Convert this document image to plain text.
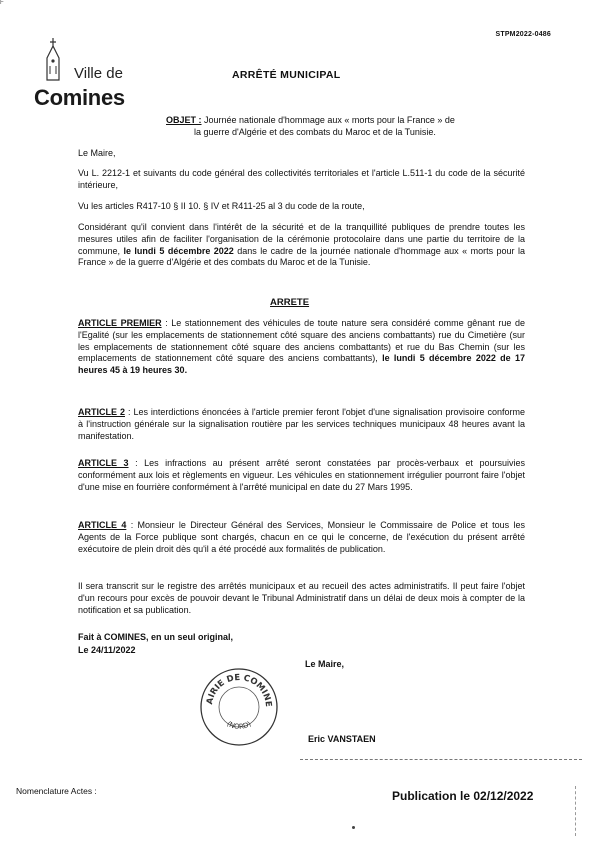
F
STPM2022-0486
Ville de
Comines
ARRÊTÉ MUNICIPAL
OBJET : Journée nationale d'hommage aux « morts pour la France » de
la guerre d'Algérie et des combats du Maroc et de la Tunisie.
Le Maire,
Vu L. 2212-1 et suivants du code général des collectivités territoriales et l'article L.511-1 du code de la sécurité intérieure,
Vu les articles R417-10 § II 10. § IV et R411-25 al 3 du code de la route,
Considérant qu'il convient dans l'intérêt de la sécurité et de la tranquillité publiques de prendre toutes les mesures utiles afin de faciliter l'organisation de la cérémonie protocolaire dans une partie du territoire de la commune, le lundi 5 décembre 2022 dans le cadre de la journée nationale d'hommage aux « morts pour la France » de la guerre d'Algérie et des combats du Maroc et de la Tunisie.
ARRETE
ARTICLE PREMIER : Le stationnement des véhicules de toute nature sera considéré comme gênant rue de l'Egalité (sur les emplacements de stationnement côté square des anciens combattants) rue du Cimetière (sur les emplacements de stationnement côté square des anciens combattants) et rue du Bas Chemin (sur les emplacements de stationnement côté square des anciens combattants), le lundi 5 décembre 2022 de 17 heures 45 à 19 heures 30.
ARTICLE 2 : Les interdictions énoncées à l'article premier feront l'objet d'une signalisation provisoire conforme à l'instruction générale sur la signalisation routière par les services techniques municipaux 48 heures avant la manifestation.
ARTICLE 3 : Les infractions au présent arrêté seront constatées par procès-verbaux et poursuivies conformément aux lois et règlements en vigueur. Les véhicules en stationnement irrégulier pourront faire l'objet d'une mise en fourrière conformément à l'arrêté municipal en date du 27 Mars 1995.
ARTICLE 4 : Monsieur le Directeur Général des Services, Monsieur le Commissaire de Police et tous les Agents de la Force publique sont chargés, chacun en ce qui le concerne, de l'exécution du présent arrêté exécutoire de plein droit dès qu'il a été procédé aux formalités de publication.
Il sera transcrit sur le registre des arrêtés municipaux et au recueil des actes administratifs. Il peut faire l'objet d'un recours pour excès de pouvoir devant le Tribunal Administratif dans un délai de deux mois à compter de la notification et sa publication.
Fait à COMINES, en un seul original,
Le 24/11/2022
Le Maire,
AIRIE DE COMINE
(NORD)
Eric VANSTAEN
Nomenclature Actes :	Publication le 02/12/2022
